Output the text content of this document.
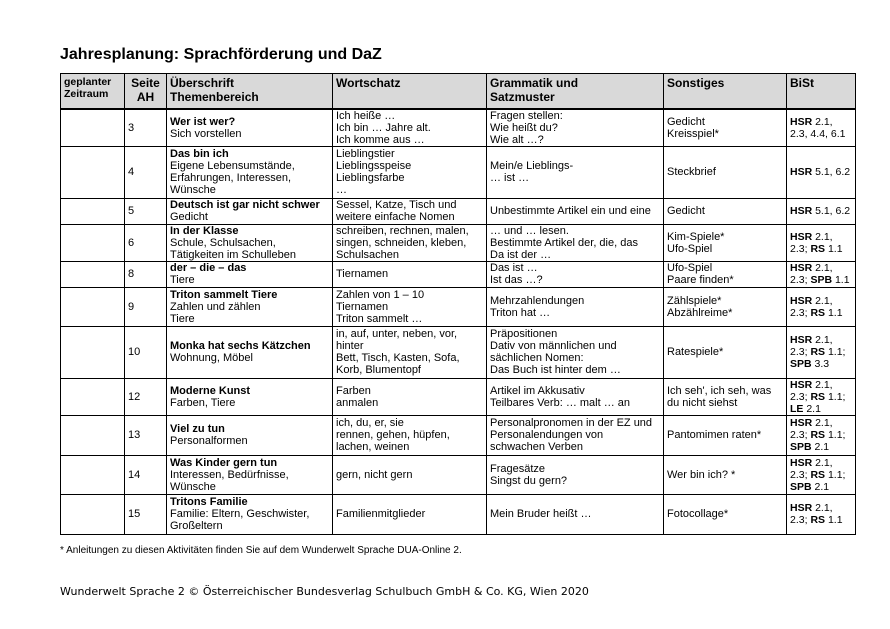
Jahresplanung: Sprachförderung und DaZ
geplanter
Zeitraum	Seite
AH	Überschrift
Themenbereich	Wortschatz	Grammatik und
Satzmuster	Sonstiges	BiSt
	3	Wer ist wer?
Sich vorstellen	Ich heiße …
Ich bin … Jahre alt.
Ich komme aus …	Fragen stellen:
Wie heißt du?
Wie alt …?	Gedicht
Kreisspiel*	HSR 2.1,
2.3, 4.4, 6.1
	4	Das bin ich
Eigene Lebensumstände,
Erfahrungen, Interessen,
Wünsche	Lieblingstier
Lieblingsspeise
Lieblingsfarbe
…	Mein/e Lieblings-
… ist …	Steckbrief	HSR 5.1, 6.2
	5	Deutsch ist gar nicht schwer
Gedicht	Sessel, Katze, Tisch und
weitere einfache Nomen	Unbestimmte Artikel ein und eine	Gedicht	HSR 5.1, 6.2
	6	In der Klasse
Schule, Schulsachen,
Tätigkeiten im Schulleben	schreiben, rechnen, malen,
singen, schneiden, kleben,
Schulsachen	… und … lesen.
Bestimmte Artikel der, die, das
Da ist der …	Kim-Spiele*
Ufo-Spiel	HSR 2.1,
2.3; RS 1.1
	8	der – die – das
Tiere	Tiernamen	Das ist …
Ist das …?	Ufo-Spiel
Paare finden*	HSR 2.1,
2.3; SPB 1.1
	9	Triton sammelt Tiere
Zahlen und zählen
Tiere	Zahlen von 1 – 10
Tiernamen
Triton sammelt …	Mehrzahlendungen
Triton hat …	Zählspiele*
Abzählreime*	HSR 2.1,
2.3; RS 1.1
	10	Monka hat sechs Kätzchen
Wohnung, Möbel	in, auf, unter, neben, vor,
hinter
Bett, Tisch, Kasten, Sofa,
Korb, Blumentopf	Präpositionen
Dativ von männlichen und
sächlichen Nomen:
Das Buch ist hinter dem …	Ratespiele*	HSR 2.1,
2.3; RS 1.1;
SPB 3.3
	12	Moderne Kunst
Farben, Tiere	Farben
anmalen	Artikel im Akkusativ
Teilbares Verb: … malt … an	Ich seh', ich seh, was
du nicht siehst	HSR 2.1,
2.3; RS 1.1;
LE 2.1
	13	Viel zu tun
Personalformen	ich, du, er, sie
rennen, gehen, hüpfen,
lachen, weinen	Personalpronomen in der EZ und
Personalendungen von
schwachen Verben	Pantomimen raten*	HSR 2.1,
2.3; RS 1.1;
SPB 2.1
	14	Was Kinder gern tun
Interessen, Bedürfnisse,
Wünsche	gern, nicht gern	Fragesätze
Singst du gern?	Wer bin ich? *	HSR 2.1,
2.3; RS 1.1;
SPB 2.1
	15	Tritons Familie
Familie: Eltern, Geschwister,
Großeltern	Familienmitglieder	Mein Bruder heißt …	Fotocollage*	HSR 2.1,
2.3; RS 1.1
* Anleitungen zu diesen Aktivitäten finden Sie auf dem Wunderwelt Sprache DUA-Online 2.
Wunderwelt Sprache 2 © Österreichischer Bundesverlag Schulbuch GmbH & Co. KG, Wien 2020
